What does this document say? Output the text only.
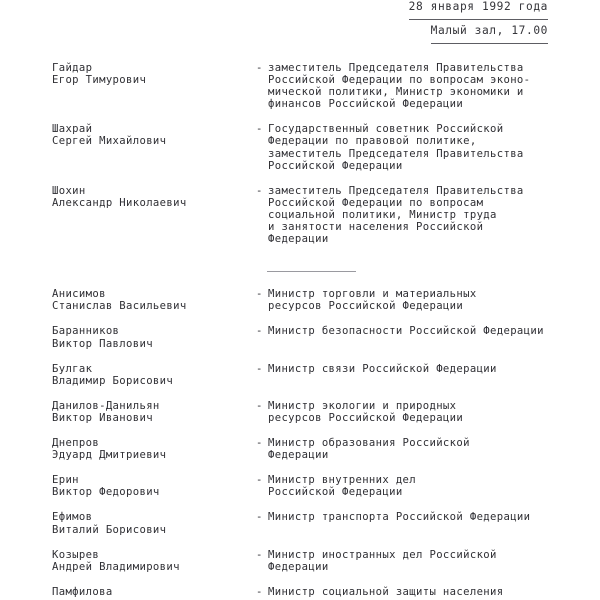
28 января 1992 года
Малый зал, 17.00
Гайдар
Егор Тимурович
- заместитель Председателя Правительства
Российской Федерации по вопросам эконо-
мической политики, Министр экономики и
финансов Российской Федерации
Шахрай
Сергей Михайлович
- Государственный советник Российской
Федерации по правовой политике,
заместитель Председателя Правительства
Российской Федерации
Шохин
Александр Николаевич
- заместитель Председателя Правительства
Российской Федерации по вопросам
социальной политики, Министр труда
и занятости населения Российской
Федерации
Анисимов
Станислав Васильевич
- Министр торговли и материальных
ресурсов Российской Федерации
Баранников
Виктор Павлович
- Министр безопасности Российской Федерации
Булгак
Владимир Борисович
- Министр связи Российской Федерации
Данилов-Данильян
Виктор Иванович
- Министр экологии и природных
ресурсов Российской Федерации
Днепров
Эдуард Дмитриевич
- Министр образования Российской
Федерации
Ерин
Виктор Федорович
- Министр внутренних дел
Российской Федерации
Ефимов
Виталий Борисович
- Министр транспорта Российской Федерации
Козырев
Андрей Владимирович
- Министр иностранных дел Российской
Федерации
Памфилова	- Министр социальной защиты населения
